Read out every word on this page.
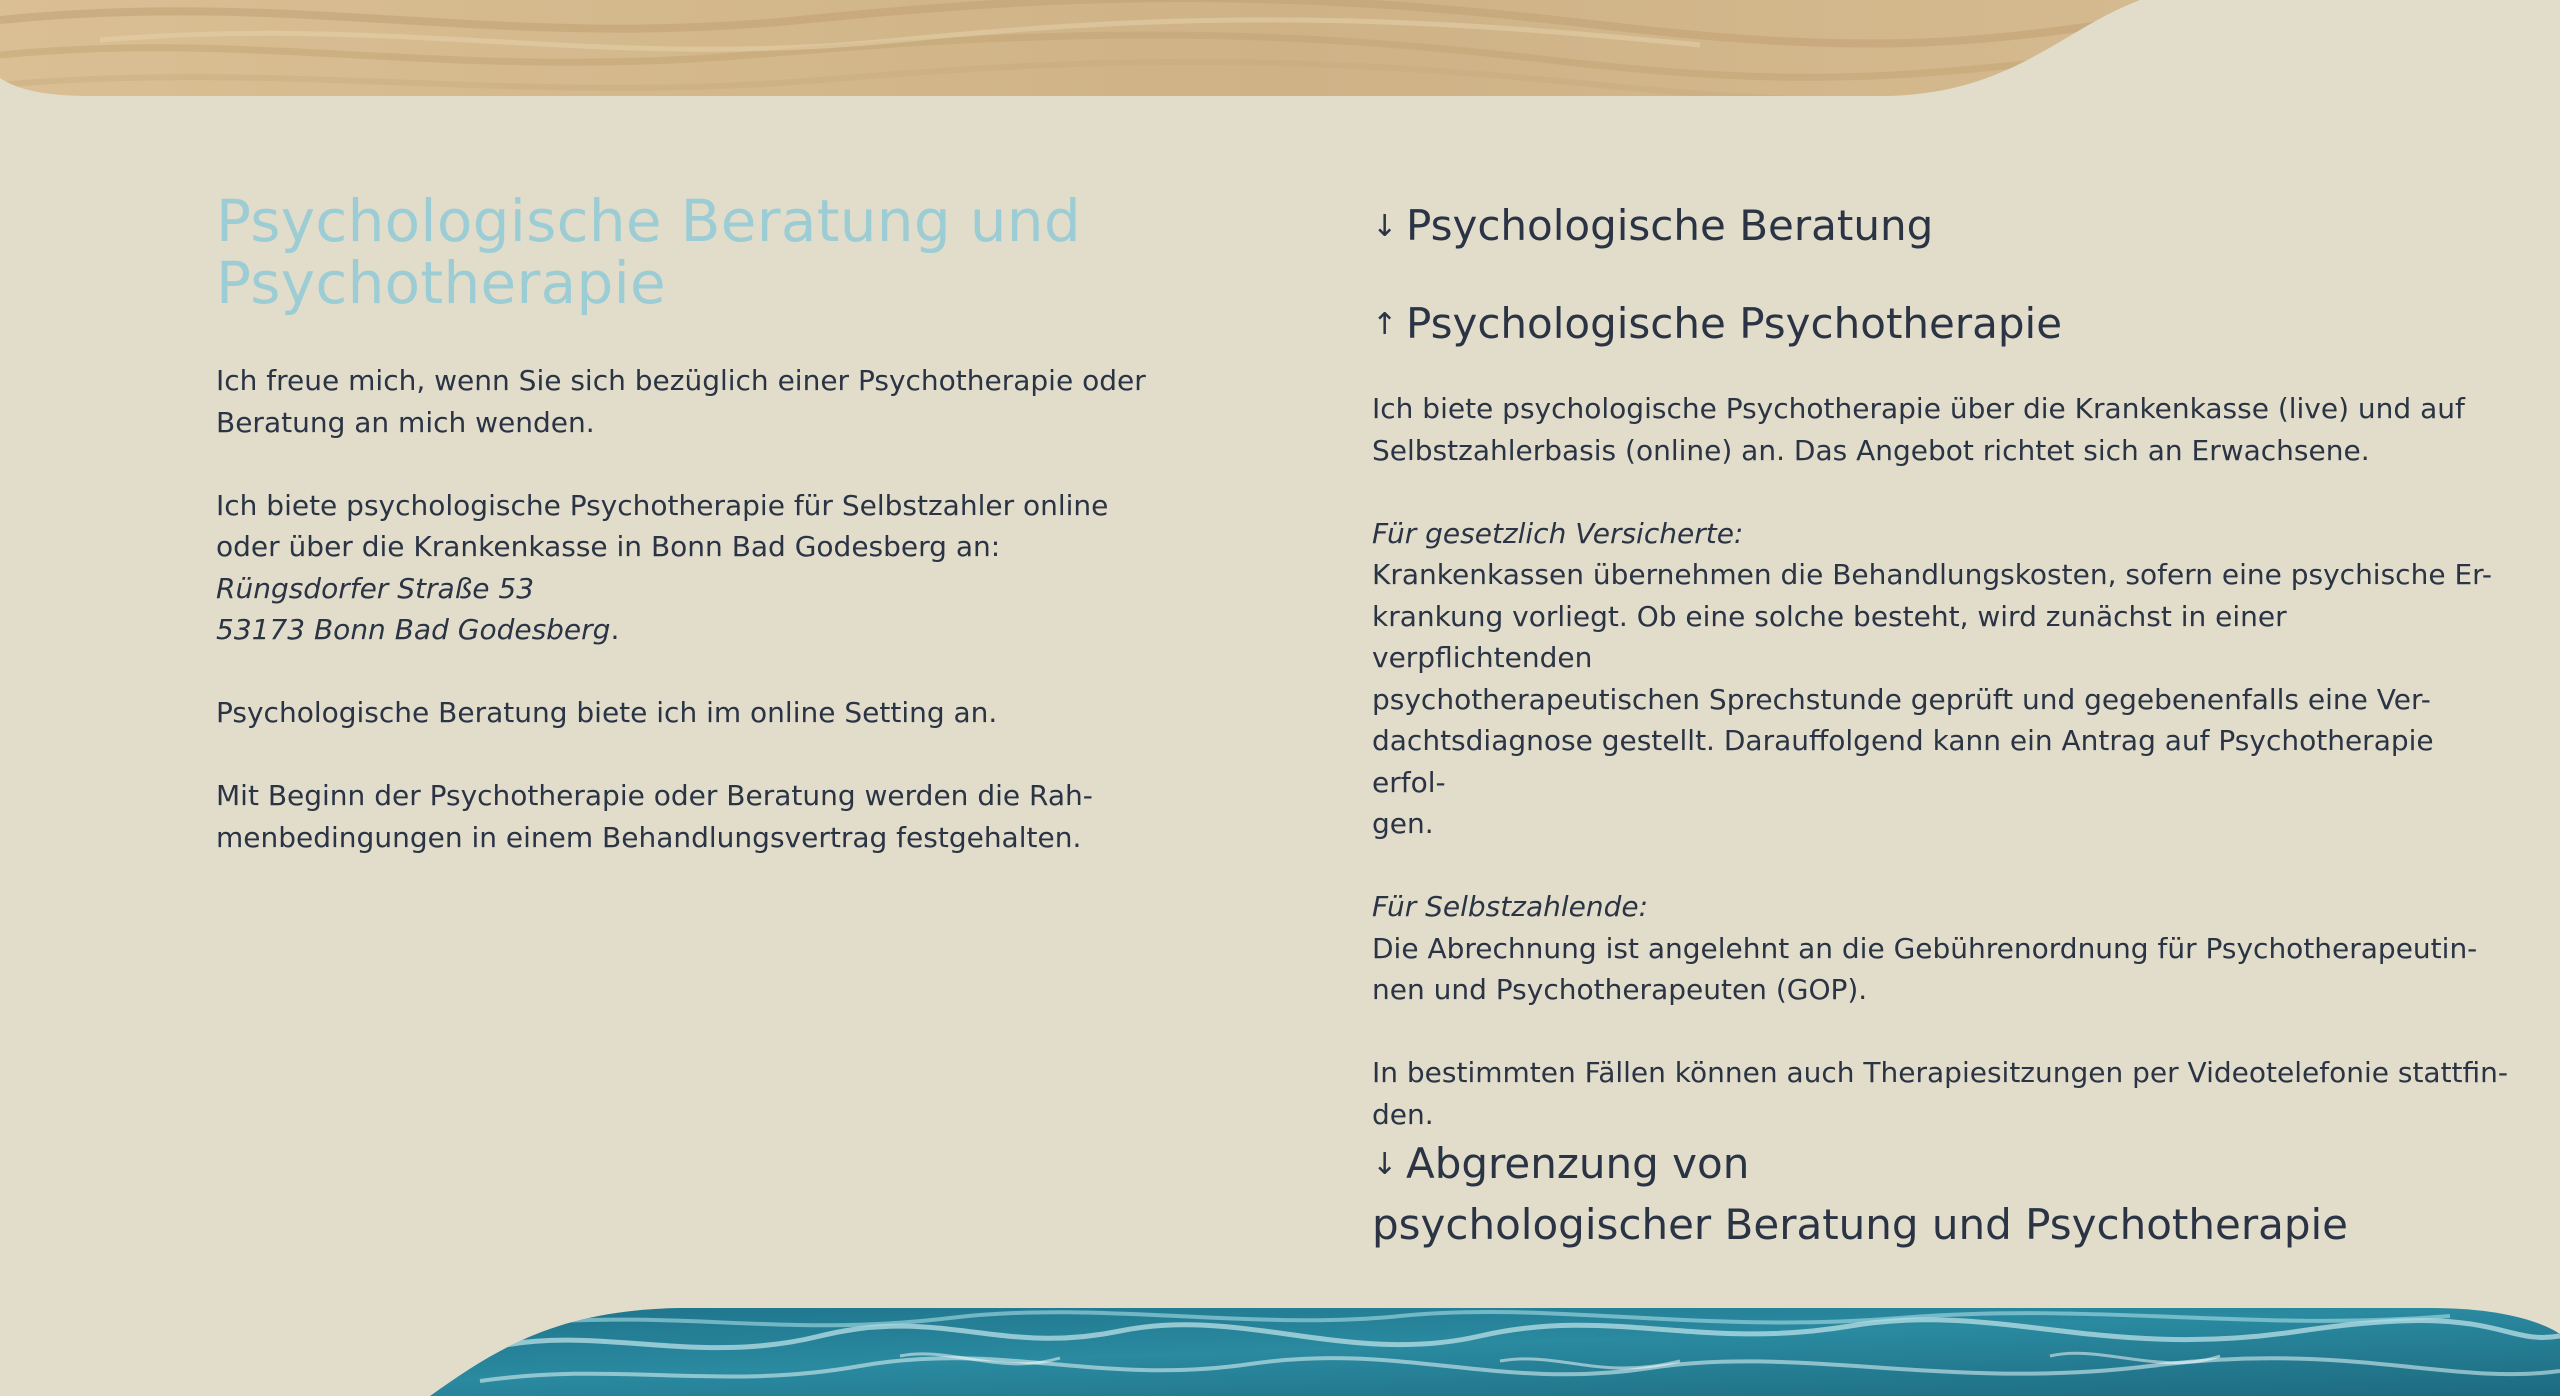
Psychologische Beratung und
Psychotherapie

Ich freue mich, wenn Sie sich bezüglich einer Psychotherapie oder
Beratung an mich wenden.

Ich biete psychologische Psychotherapie für Selbstzahler online
oder über die Krankenkasse in Bonn Bad Godesberg an:
Rüngsdorfer Straße 53
53173 Bonn Bad Godesberg.

Psychologische Beratung biete ich im online Setting an.

Mit Beginn der Psychotherapie oder Beratung werden die Rah-
menbedingungen in einem Behandlungsvertrag festgehalten.

↓ Psychologische Beratung
↑ Psychologische Psychotherapie

Ich biete psychologische Psychotherapie über die Krankenkasse (live) und auf
Selbstzahlerbasis (online) an. Das Angebot richtet sich an Erwachsene.

Für gesetzlich Versicherte:
Krankenkassen übernehmen die Behandlungskosten, sofern eine psychische Er-
krankung vorliegt. Ob eine solche besteht, wird zunächst in einer verpflichtenden
psychotherapeutischen Sprechstunde geprüft und gegebenenfalls eine Ver-
dachtsdiagnose gestellt. Darauffolgend kann ein Antrag auf Psychotherapie erfol-
gen.

Für Selbstzahlende:
Die Abrechnung ist angelehnt an die Gebührenordnung für Psychotherapeutin-
nen und Psychotherapeuten (GOP).

In bestimmten Fällen können auch Therapiesitzungen per Videotelefonie stattfin-
den.

↓ Abgrenzung von
psychologischer Beratung und Psychotherapie
